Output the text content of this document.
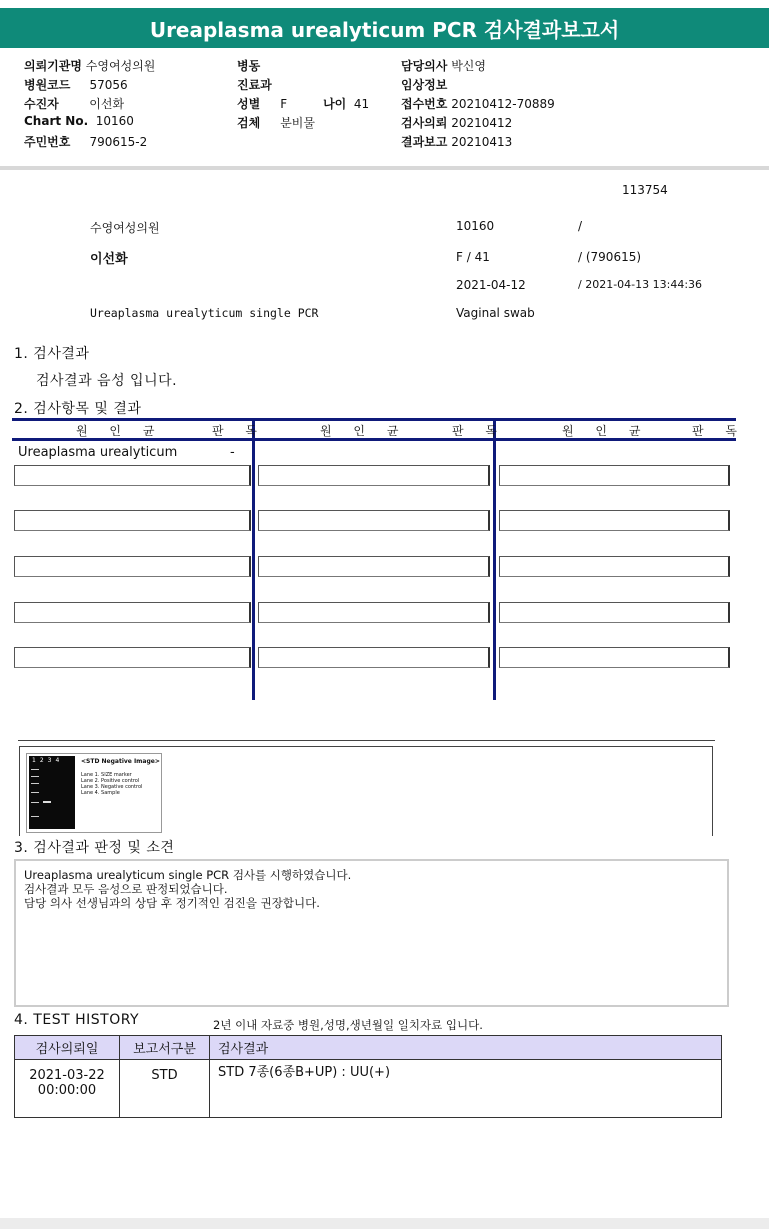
Ureaplasma urealyticum PCR 검사결과보고서
의뢰기관명 수영여성의원
병원코드 57056
수진자	이선화
Chart No. 10160
주민번호 790615-2
병동
진료과
성별 F	나이 41
검체 분비물
담당의사 박신영
임상정보
접수번호 20210412-70889
검사의뢰 20210412
결과보고 20210413
113754
수영여성의원	10160	/
이선화	F / 41	/ (790615)
2021-04-12	/ 2021-04-13 13:44:36
Ureaplasma urealyticum single PCR	Vaginal swab
1. 검사결과
검사결과 음성 입니다.
2. 검사항목 및 결과
원 인 균	판 독	원 인 균	판 독	원 인 균	판 독
Ureaplasma urealyticum	-
1234	<STD Negative Image>
Lane 1. SIZE marker
Lane 2. Positive control
Lane 3. Negative control
Lane 4. Sample
3. 검사결과 판정 및 소견
Ureaplasma urealyticum single PCR 검사를 시행하였습니다.
검사결과 모두 음성으로 판정되었습니다.
담당 의사 선생님과의 상담 후 정기적인 검진을 권장합니다.
4. TEST HISTORY	2년 이내 자료중 병원,성명,생년월일 일치자료 입니다.
검사의뢰일	보고서구분	검사결과

2021-03-22
00:00:00	STD	STD 7종(6종B+UP) : UU(+)
